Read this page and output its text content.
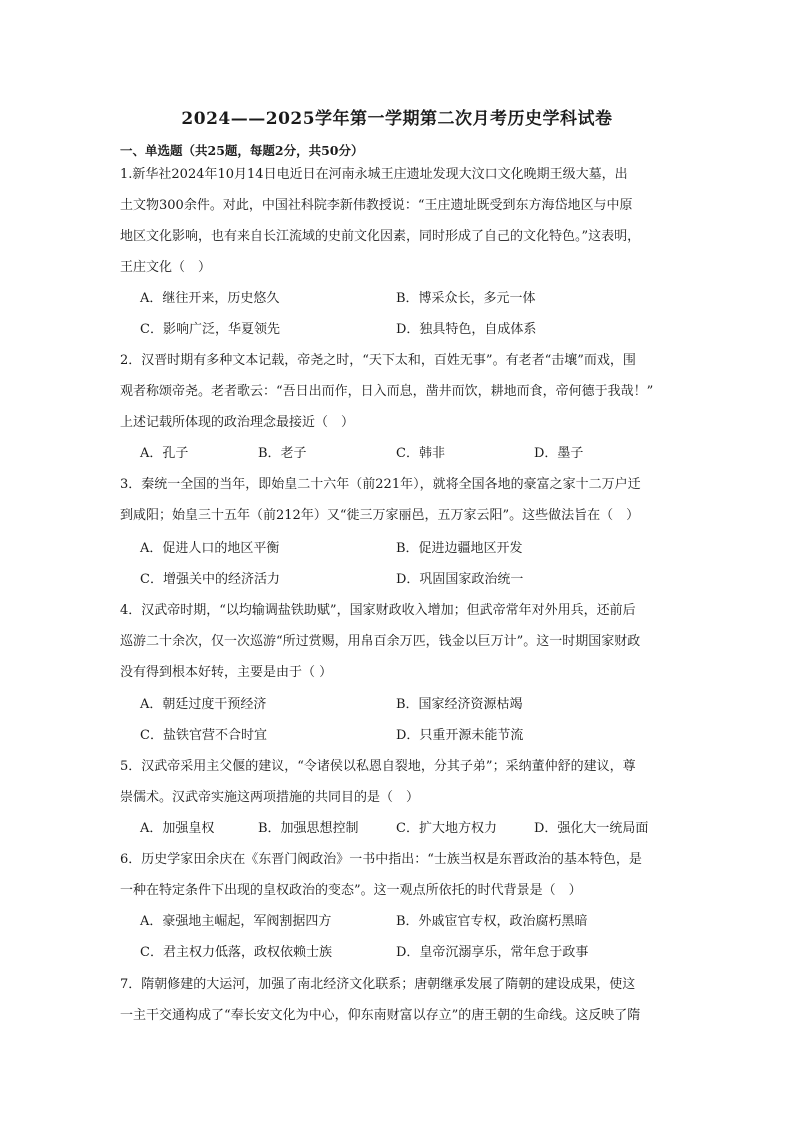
2024——2025学年第一学期第二次月考历史学科试卷
一、单选题（共25题，每题2分，共50分）
1.新华社2024年10月14日电近日在河南永城王庄遗址发现大汶口文化晚期王级大墓，出
土文物300余件。对此，中国社科院李新伟教授说：“王庄遗址既受到东方海岱地区与中原
地区文化影响，也有来自长江流域的史前文化因素，同时形成了自己的文化特色。”这表明，
王庄文化（　）
A．继往开来，历史悠久	B．博采众长，多元一体
C．影响广泛，华夏领先	D．独具特色，自成体系
2．汉晋时期有多种文本记载，帝尧之时，“天下太和，百姓无事”。有老者“击壤”而戏，围
观者称颂帝尧。老者歌云：“吾日出而作，日入而息，凿井而饮，耕地而食，帝何德于我哉！”
上述记载所体现的政治理念最接近（　）
A．孔子	B．老子	C．韩非	D．墨子
3．秦统一全国的当年，即始皇二十六年（前221年），就将全国各地的豪富之家十二万户迁
到咸阳；始皇三十五年（前212年）又“徙三万家丽邑，五万家云阳”。这些做法旨在（　）
A．促进人口的地区平衡	B．促进边疆地区开发
C．增强关中的经济活力	D．巩固国家政治统一
4．汉武帝时期，“以均输调盐铁助赋”，国家财政收入增加；但武帝常年对外用兵，还前后
巡游二十余次，仅一次巡游“所过赏赐，用帛百余万匹，钱金以巨万计”。这一时期国家财政
没有得到根本好转，主要是由于（ ）
A．朝廷过度干预经济	B．国家经济资源枯竭
C．盐铁官营不合时宜	D．只重开源未能节流
5．汉武帝采用主父偃的建议，“令诸侯以私恩自裂地，分其子弟”；采纳董仲舒的建议，尊
崇儒术。汉武帝实施这两项措施的共同目的是（　）
A．加强皇权	B．加强思想控制	C．扩大地方权力	D．强化大一统局面
6．历史学家田余庆在《东晋门阀政治》一书中指出：“士族当权是东晋政治的基本特色，是
一种在特定条件下出现的皇权政治的变态”。这一观点所依托的时代背景是（　）
A．豪强地主崛起，军阀割据四方	B．外戚宦官专权，政治腐朽黑暗
C．君主权力低落，政权依赖士族	D．皇帝沉溺享乐，常年怠于政事
7．隋朝修建的大运河，加强了南北经济文化联系；唐朝继承发展了隋朝的建设成果，使这
一主干交通构成了“奉长安文化为中心，仰东南财富以存立”的唐王朝的生命线。这反映了隋
